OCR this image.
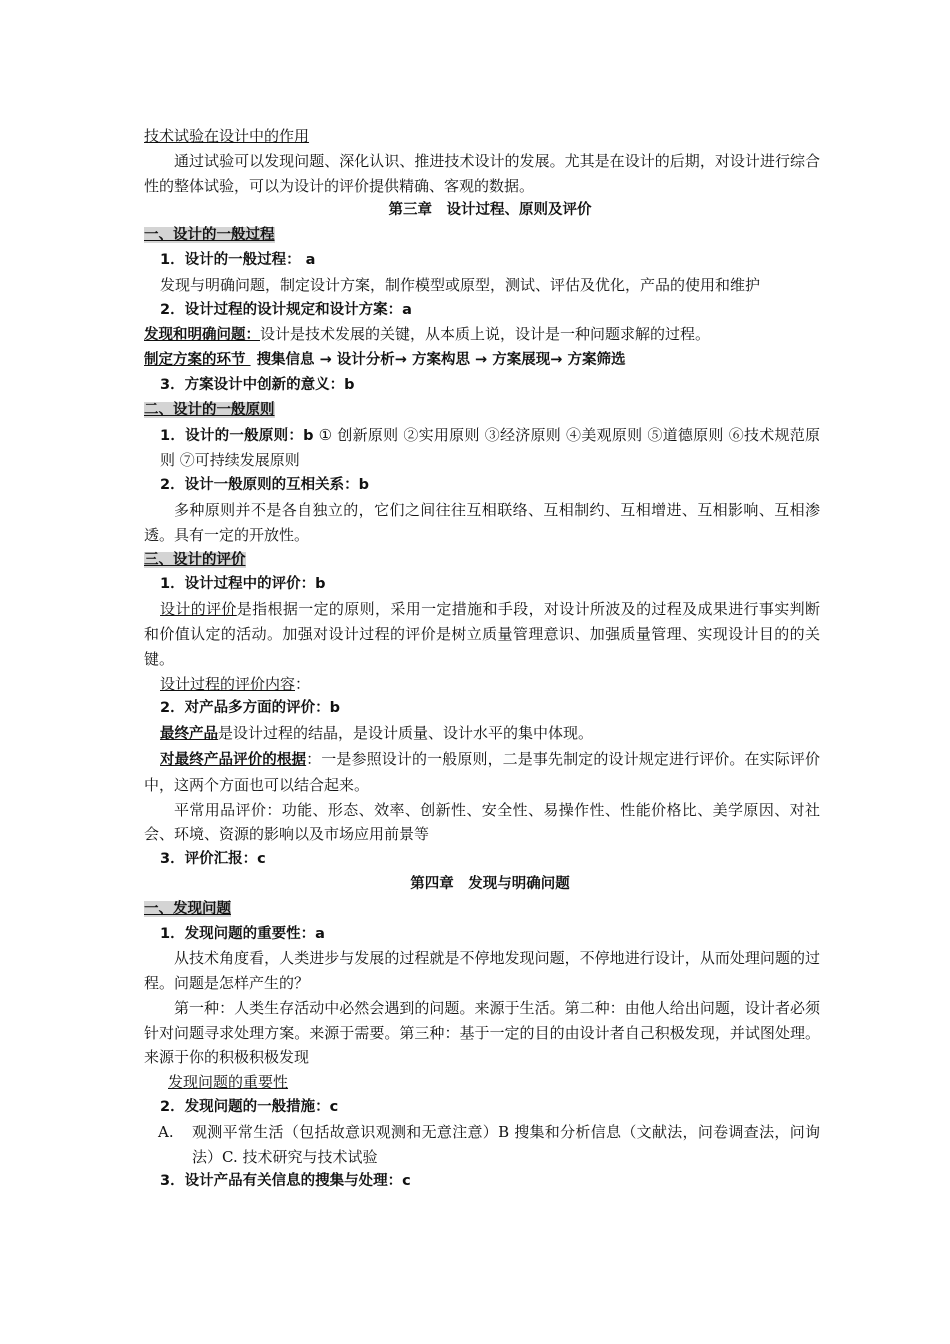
技术试验在设计中的作用
通过试验可以发现问题、深化认识、推进技术设计的发展。尤其是在设计的后期，对设计进行综合性的整体试验，可以为设计的评价提供精确、客观的数据。
第三章　设计过程、原则及评价
一、设计的一般过程
1．设计的一般过程： a
发现与明确问题，制定设计方案，制作模型或原型，测试、评估及优化，产品的使用和维护
2．设计过程的设计规定和设计方案：a
发现和明确问题：设计是技术发展的关键，从本质上说，设计是一种问题求解的过程。
制定方案的环节 搜集信息 → 设计分析→ 方案构思 → 方案展现→ 方案筛选
3．方案设计中创新的意义：b
二、设计的一般原则
1．设计的一般原则：b ① 创新原则 ②实用原则 ③经济原则 ④美观原则 ⑤道德原则 ⑥技术规范原则 ⑦可持续发展原则
2．设计一般原则的互相关系：b
多种原则并不是各自独立的，它们之间往往互相联络、互相制约、互相增进、互相影响、互相渗透。具有一定的开放性。
三、设计的评价
1．设计过程中的评价：b
设计的评价是指根据一定的原则，采用一定措施和手段，对设计所波及的过程及成果进行事实判断和价值认定的活动。加强对设计过程的评价是树立质量管理意识、加强质量管理、实现设计目的的关键。
设计过程的评价内容：
2．对产品多方面的评价：b
最终产品是设计过程的结晶，是设计质量、设计水平的集中体现。
对最终产品评价的根据：一是参照设计的一般原则，二是事先制定的设计规定进行评价。在实际评价中，这两个方面也可以结合起来。
平常用品评价：功能、形态、效率、创新性、安全性、易操作性、性能价格比、美学原因、对社会、环境、资源的影响以及市场应用前景等
3．评价汇报：c
第四章　发现与明确问题
一、发现问题
1．发现问题的重要性：a
从技术角度看，人类进步与发展的过程就是不停地发现问题，不停地进行设计，从而处理问题的过程。问题是怎样产生的？
第一种：人类生存活动中必然会遇到的问题。来源于生活。第二种：由他人给出问题，设计者必须针对问题寻求处理方案。来源于需要。第三种：基于一定的目的由设计者自己积极发现，并试图处理。来源于你的积极积极发现
发现问题的重要性
2．发现问题的一般措施：c
A.	观测平常生活（包括故意识观测和无意注意）B 搜集和分析信息（文献法，问卷调查法，问询法）C. 技术研究与技术试验
3．设计产品有关信息的搜集与处理：c
